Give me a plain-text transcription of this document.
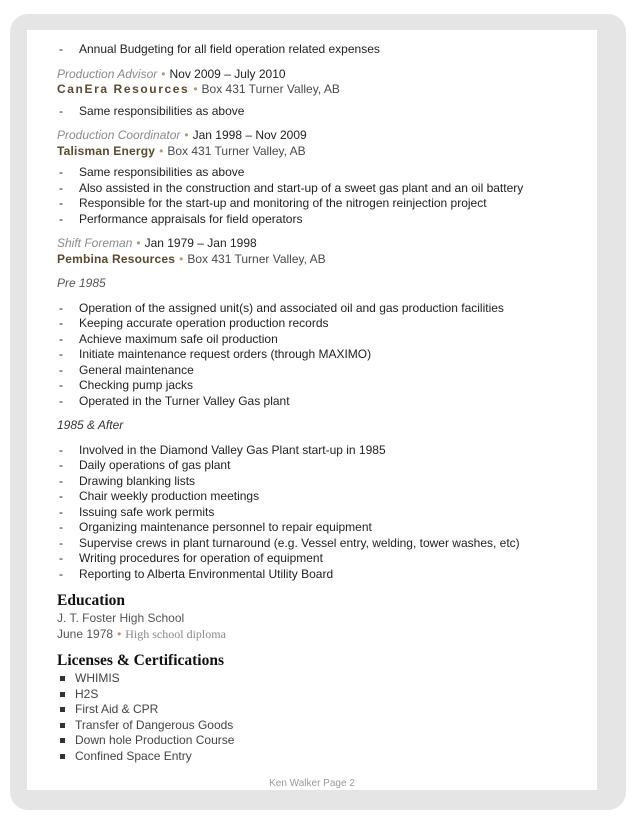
- Annual Budgeting for all field operation related expenses
Production Advisor • Nov 2009 – July 2010
CanEra Resources • Box 431 Turner Valley, AB
- Same responsibilities as above
Production Coordinator • Jan 1998 – Nov 2009
Talisman Energy • Box 431 Turner Valley, AB
- Same responsibilities as above
- Also assisted in the construction and start-up of a sweet gas plant and an oil battery
- Responsible for the start-up and monitoring of the nitrogen reinjection project
- Performance appraisals for field operators
Shift Foreman • Jan 1979 – Jan 1998
Pembina Resources • Box 431 Turner Valley, AB
Pre 1985
- Operation of the assigned unit(s) and associated oil and gas production facilities
- Keeping accurate operation production records
- Achieve maximum safe oil production
- Initiate maintenance request orders (through MAXIMO)
- General maintenance
- Checking pump jacks
- Operated in the Turner Valley Gas plant
1985 & After
- Involved in the Diamond Valley Gas Plant start-up in 1985
- Daily operations of gas plant
- Drawing blanking lists
- Chair weekly production meetings
- Issuing safe work permits
- Organizing maintenance personnel to repair equipment
- Supervise crews in plant turnaround (e.g. Vessel entry, welding, tower washes, etc)
- Writing procedures for operation of equipment
- Reporting to Alberta Environmental Utility Board
Education
J. T. Foster High School
June 1978 • High school diploma
Licenses & Certifications
WHIMIS
H2S
First Aid & CPR
Transfer of Dangerous Goods
Down hole Production Course
Confined Space Entry
Ken Walker Page 2
